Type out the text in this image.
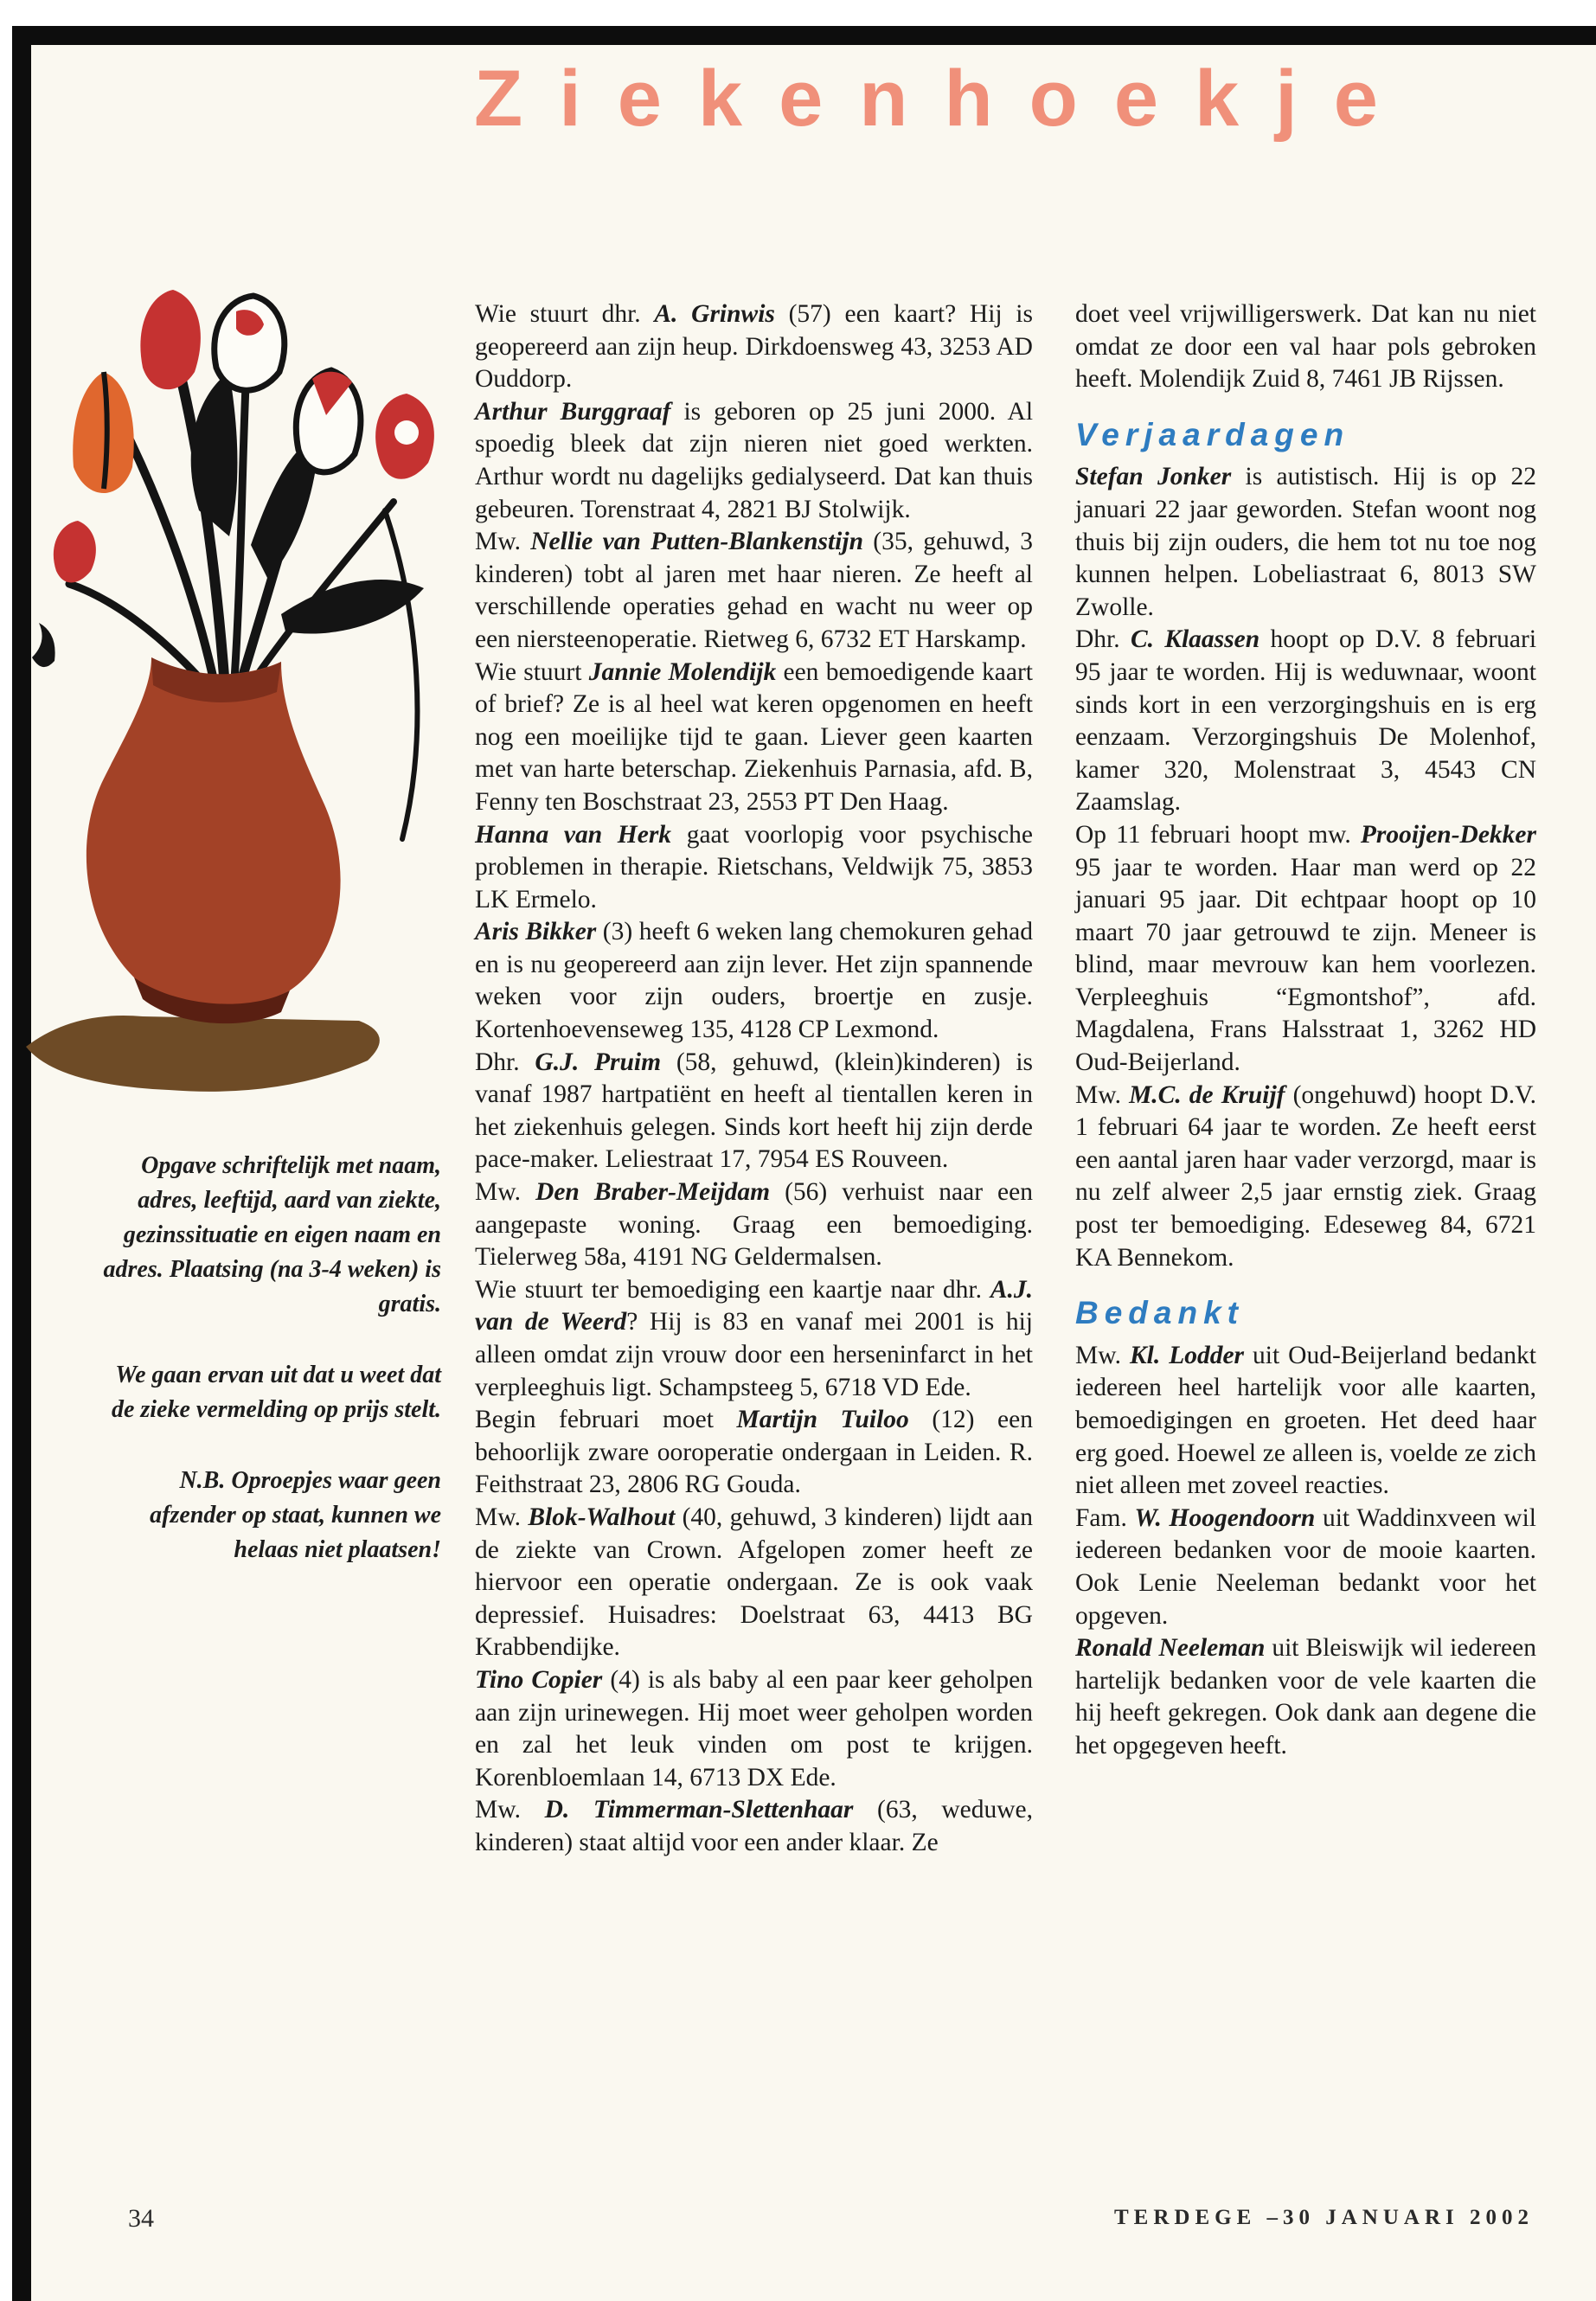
Ziekenhoekje

Opgave schriftelijk met naam, adres, leeftijd, aard van ziekte, gezinssituatie en eigen naam en adres. Plaatsing (na 3-4 weken) is gratis.

We gaan ervan uit dat u weet dat de zieke vermelding op prijs stelt.

N.B. Oproepjes waar geen afzender op staat, kunnen we helaas niet plaatsen!

Wie stuurt dhr. A. Grinwis (57) een kaart? Hij is geopereerd aan zijn heup. Dirkdoensweg 43, 3253 AD Ouddorp.

Arthur Burggraaf is geboren op 25 juni 2000. Al spoedig bleek dat zijn nieren niet goed werkten. Arthur wordt nu dagelijks gedialyseerd. Dat kan thuis gebeuren. Torenstraat 4, 2821 BJ Stolwijk.

Mw. Nellie van Putten-Blankenstijn (35, gehuwd, 3 kinderen) tobt al jaren met haar nieren. Ze heeft al verschillende operaties gehad en wacht nu weer op een niersteenoperatie. Rietweg 6, 6732 ET Harskamp.

Wie stuurt Jannie Molendijk een bemoedigende kaart of brief? Ze is al heel wat keren opgenomen en heeft nog een moeilijke tijd te gaan. Liever geen kaarten met van harte beterschap. Ziekenhuis Parnasia, afd. B, Fenny ten Boschstraat 23, 2553 PT Den Haag.

Hanna van Herk gaat voorlopig voor psychische problemen in therapie. Rietschans, Veldwijk 75, 3853 LK Ermelo.

Aris Bikker (3) heeft 6 weken lang chemokuren gehad en is nu geopereerd aan zijn lever. Het zijn spannende weken voor zijn ouders, broertje en zusje. Kortenhoevenseweg 135, 4128 CP Lexmond.

Dhr. G.J. Pruim (58, gehuwd, (klein)kinderen) is vanaf 1987 hartpatiënt en heeft al tientallen keren in het ziekenhuis gelegen. Sinds kort heeft hij zijn derde pace-maker. Leliestraat 17, 7954 ES Rouveen.

Mw. Den Braber-Meijdam (56) verhuist naar een aangepaste woning. Graag een bemoediging. Tielerweg 58a, 4191 NG Geldermalsen.

Wie stuurt ter bemoediging een kaartje naar dhr. A.J. van de Weerd? Hij is 83 en vanaf mei 2001 is hij alleen omdat zijn vrouw door een herseninfarct in het verpleeghuis ligt. Schampsteeg 5, 6718 VD Ede.

Begin februari moet Martijn Tuiloo (12) een behoorlijk zware ooroperatie ondergaan in Leiden. R. Feithstraat 23, 2806 RG Gouda.

Mw. Blok-Walhout (40, gehuwd, 3 kinderen) lijdt aan de ziekte van Crown. Afgelopen zomer heeft ze hiervoor een operatie ondergaan. Ze is ook vaak depressief. Huisadres: Doelstraat 63, 4413 BG Krabbendijke.

Tino Copier (4) is als baby al een paar keer geholpen aan zijn urinewegen. Hij moet weer geholpen worden en zal het leuk vinden om post te krijgen. Korenbloemlaan 14, 6713 DX Ede.

Mw. D. Timmerman-Slettenhaar (63, weduwe, kinderen) staat altijd voor een ander klaar. Ze

doet veel vrijwilligerswerk. Dat kan nu niet omdat ze door een val haar pols gebroken heeft. Molendijk Zuid 8, 7461 JB Rijssen.

Verjaardagen

Stefan Jonker is autistisch. Hij is op 22 januari 22 jaar geworden. Stefan woont nog thuis bij zijn ouders, die hem tot nu toe nog kunnen helpen. Lobeliastraat 6, 8013 SW Zwolle.

Dhr. C. Klaassen hoopt op D.V. 8 februari 95 jaar te worden. Hij is weduwnaar, woont sinds kort in een verzorgingshuis en is erg eenzaam. Verzorgingshuis De Molenhof, kamer 320, Molenstraat 3, 4543 CN Zaamslag.

Op 11 februari hoopt mw. Prooijen-Dekker 95 jaar te worden. Haar man werd op 22 januari 95 jaar. Dit echtpaar hoopt op 10 maart 70 jaar getrouwd te zijn. Meneer is blind, maar mevrouw kan hem voorlezen. Verpleeghuis “Egmontshof”, afd. Magdalena, Frans Halsstraat 1, 3262 HD Oud-Beijerland.

Mw. M.C. de Kruijf (ongehuwd) hoopt D.V. 1 februari 64 jaar te worden. Ze heeft eerst een aantal jaren haar vader verzorgd, maar is nu zelf alweer 2,5 jaar ernstig ziek. Graag post ter bemoediging. Edeseweg 84, 6721 KA Bennekom.

Bedankt

Mw. Kl. Lodder uit Oud-Beijerland bedankt iedereen heel hartelijk voor alle kaarten, bemoedigingen en groeten. Het deed haar erg goed. Hoewel ze alleen is, voelde ze zich niet alleen met zoveel reacties.

Fam. W. Hoogendoorn uit Waddinxveen wil iedereen bedanken voor de mooie kaarten. Ook Lenie Neeleman bedankt voor het opgeven.

Ronald Neeleman uit Bleiswijk wil iedereen hartelijk bedanken voor de vele kaarten die hij heeft gekregen. Ook dank aan degene die het opgegeven heeft.

34	TERDEGE –30 JANUARI 2002
